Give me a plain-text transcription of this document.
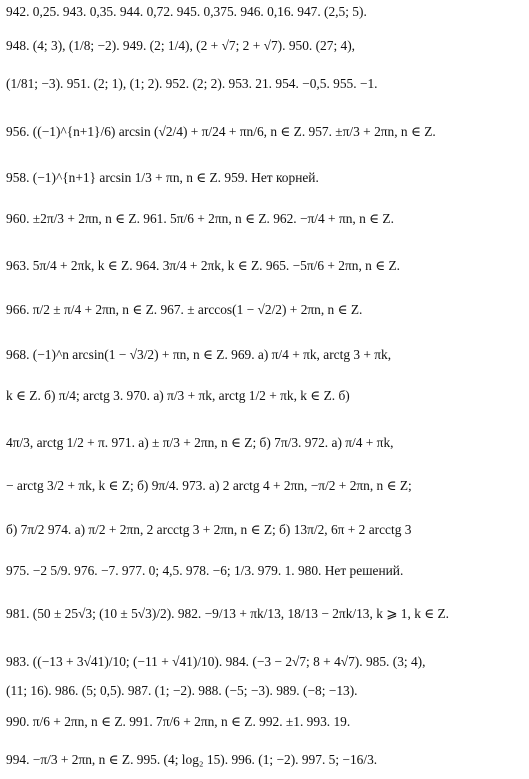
942. 0,25. 943. 0,35. 944. 0,72. 945. 0,375. 946. 0,16. 947. (2,5; 5).
948. (4; 3), (1/8; −2). 949. (2; 1/4), (2 + √7; 2 + √7). 950. (27; 4),
(1/81; −3). 951. (2; 1), (1; 2). 952. (2; 2). 953. 21. 954. −0,5. 955. −1.
956. ((−1)^{n+1}/6) arcsin (√2/4) + π/24 + πn/6, n ∈ Z. 957. ±π/3 + 2πn, n ∈ Z.
958. (−1)^{n+1} arcsin 1/3 + πn, n ∈ Z. 959. Нет корней.
960. ±2π/3 + 2πn, n ∈ Z. 961. 5π/6 + 2πn, n ∈ Z. 962. −π/4 + πn, n ∈ Z.
963. 5π/4 + 2πk, k ∈ Z. 964. 3π/4 + 2πk, k ∈ Z. 965. −5π/6 + 2πn, n ∈ Z.
966. π/2 ± π/4 + 2πn, n ∈ Z. 967. ± arccos(1 − √2/2) + 2πn, n ∈ Z.
968. (−1)^n arcsin(1 − √3/2) + πn, n ∈ Z. 969. а) π/4 + πk, arctg 3 + πk,
k ∈ Z. б) π/4; arctg 3. 970. а) π/3 + πk, arctg 1/2 + πk, k ∈ Z. б)
4π/3, arctg 1/2 + π. 971. а) ± π/3 + 2πn, n ∈ Z; б) 7π/3. 972. а) π/4 + πk,
− arctg 3/2 + πk, k ∈ Z; б) 9π/4. 973. а) 2 arctg 4 + 2πn, −π/2 + 2πn, n ∈ Z;
б) 7π/2 974. а) π/2 + 2πn, 2 arcctg 3 + 2πn, n ∈ Z; б) 13π/2, 6π + 2 arcctg 3
975. −2 5/9. 976. −7. 977. 0; 4,5. 978. −6; 1/3. 979. 1. 980. Нет решений.
981. (50 ± 25√3; (10 ± 5√3)/2). 982. −9/13 + πk/13, 18/13 − 2πk/13, k ⩾ 1, k ∈ Z.
983. ((−13 + 3√41)/10; (−11 + √41)/10). 984. (−3 − 2√7; 8 + 4√7). 985. (3; 4),
(11; 16). 986. (5; 0,5). 987. (1; −2). 988. (−5; −3). 989. (−8; −13).
990. π/6 + 2πn, n ∈ Z. 991. 7π/6 + 2πn, n ∈ Z. 992. ±1. 993. 19.
994. −π/3 + 2πn, n ∈ Z. 995. (4; log₂ 15). 996. (1; −2). 997. 5; −16/3.
